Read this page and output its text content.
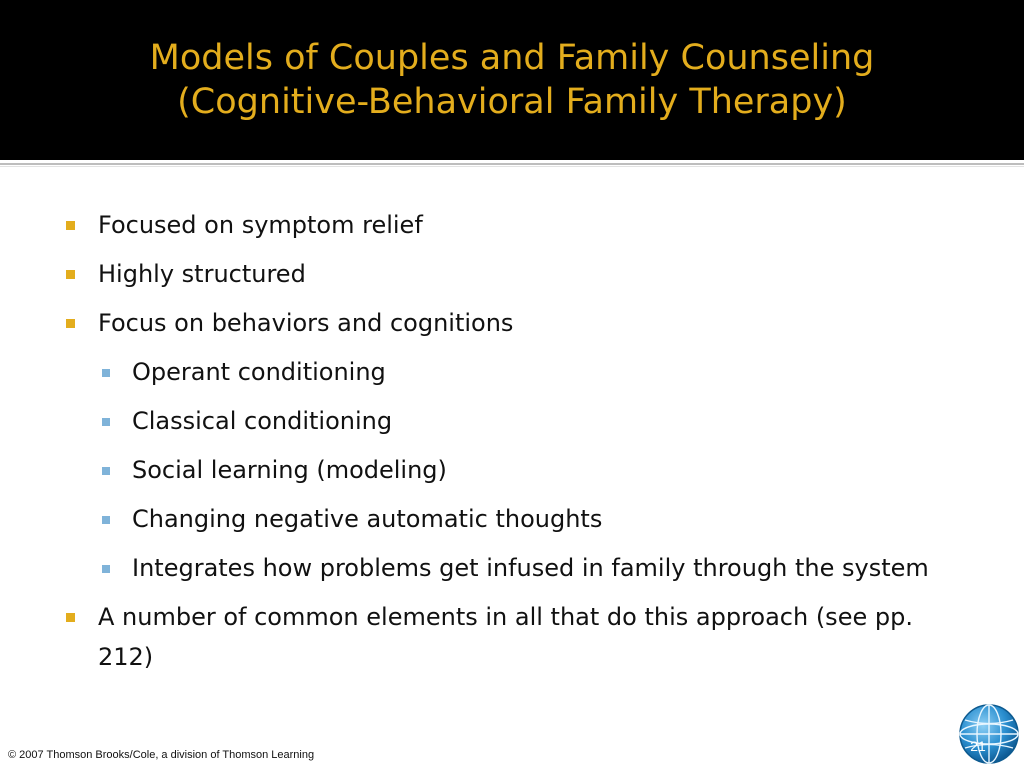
Models of Couples and Family Counseling
(Cognitive-Behavioral Family Therapy)
Focused on symptom relief
Highly structured
Focus on behaviors and cognitions
Operant conditioning
Classical conditioning
Social learning (modeling)
Changing negative automatic thoughts
Integrates how problems get infused in family through the system
A number of common elements in all that do this approach (see pp. 212)
© 2007 Thomson Brooks/Cole, a division of Thomson Learning
21
